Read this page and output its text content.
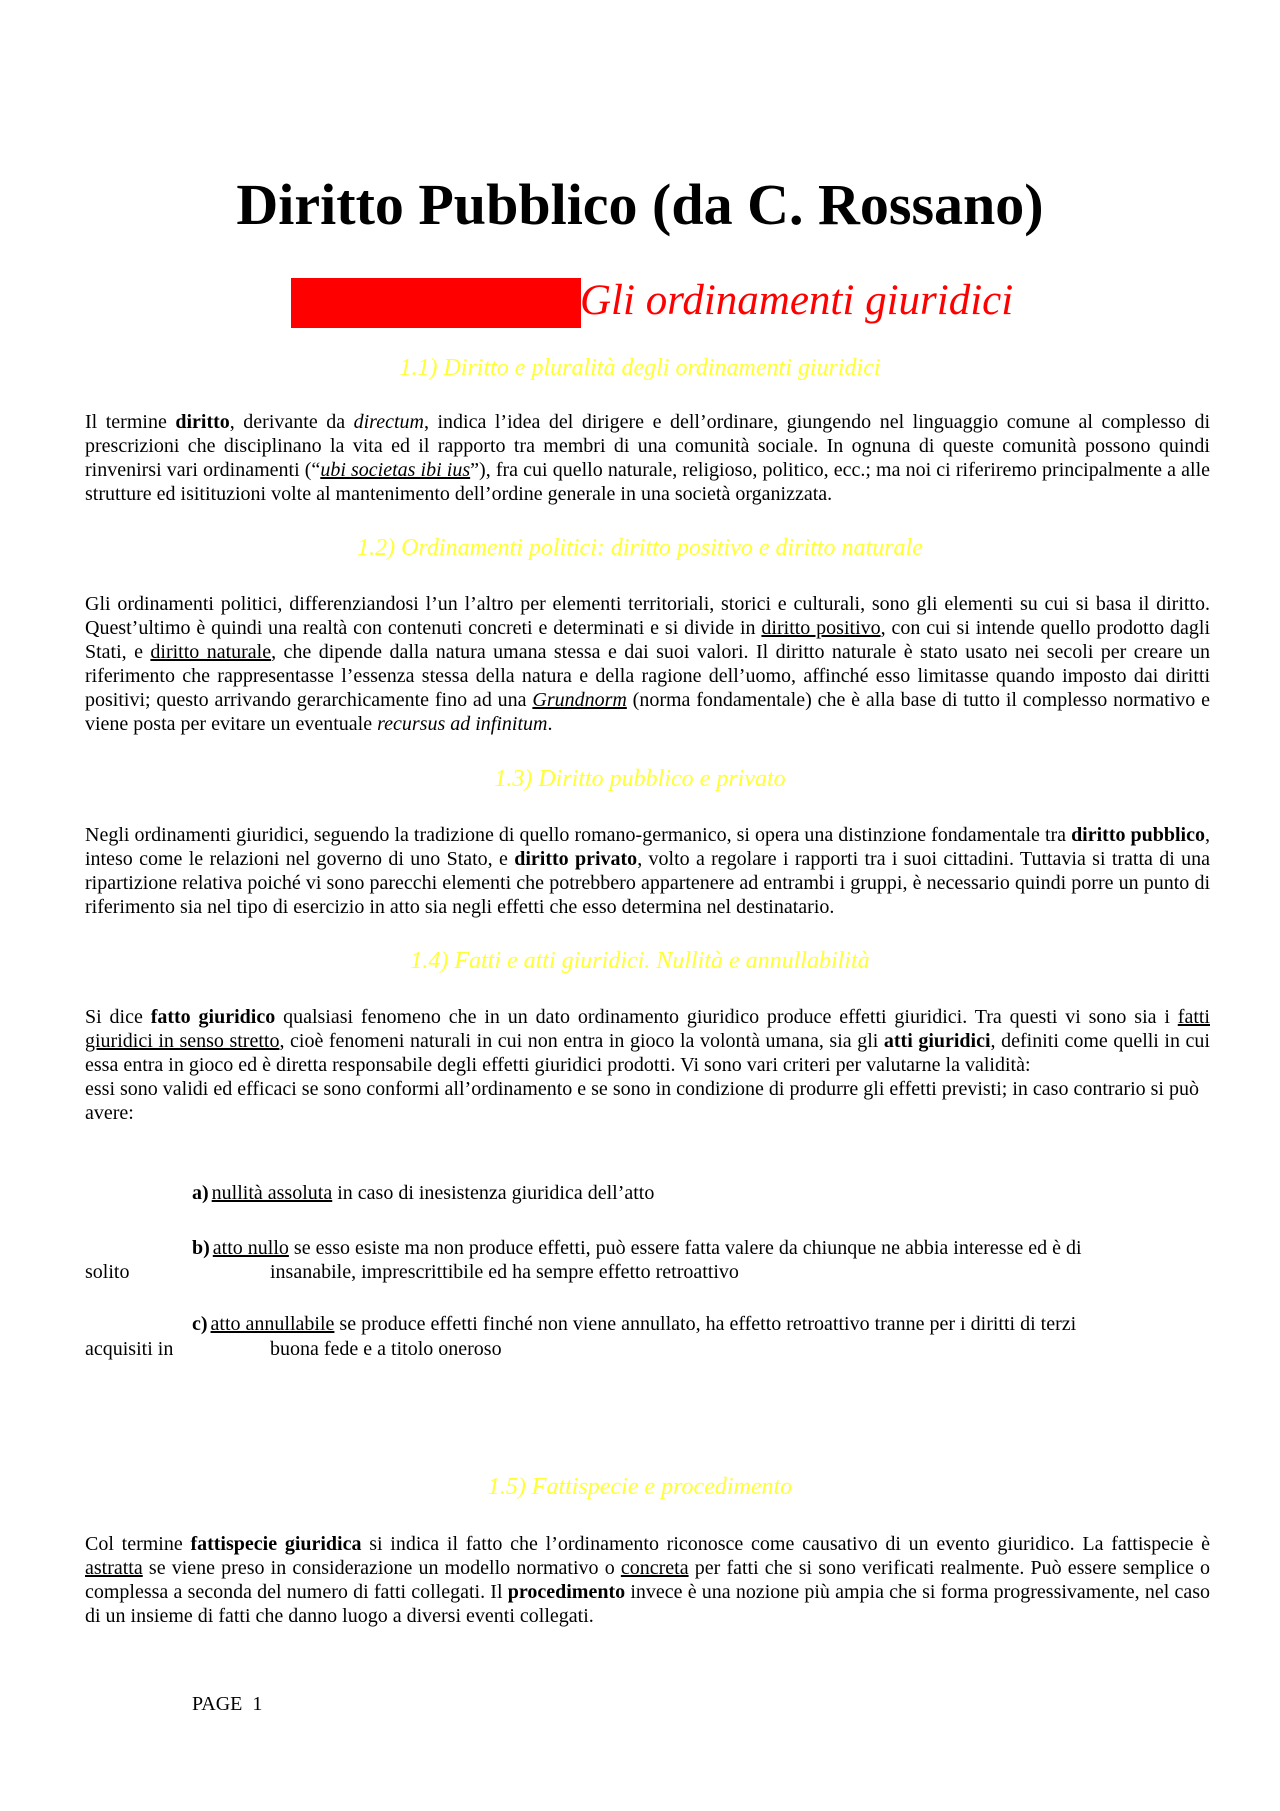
Diritto Pubblico (da C. Rossano)
Gli ordinamenti giuridici
1.1) Diritto e pluralità degli ordinamenti giuridici
Il termine diritto, derivante da directum, indica l’idea del dirigere e dell’ordinare, giungendo nel linguaggio comune al complesso di prescrizioni che disciplinano la vita ed il rapporto tra membri di una comunità sociale. In ognuna di queste comunità possono quindi rinvenirsi vari ordinamenti (“ubi societas ibi ius”), fra cui quello naturale, religioso, politico, ecc.; ma noi ci riferiremo principalmente a alle strutture ed isitituzioni volte al mantenimento dell’ordine generale in una società organizzata.
1.2) Ordinamenti politici: diritto positivo e diritto naturale
Gli ordinamenti politici, differenziandosi l’un l’altro per elementi territoriali, storici e culturali, sono gli elementi su cui si basa il diritto. Quest’ultimo è quindi una realtà con contenuti concreti e determinati e si divide in diritto positivo, con cui si intende quello prodotto dagli Stati, e diritto naturale, che dipende dalla natura umana stessa e dai suoi valori. Il diritto naturale è stato usato nei secoli per creare un riferimento che rappresentasse l’essenza stessa della natura e della ragione dell’uomo, affinché esso limitasse quando imposto dai diritti positivi; questo arrivando gerarchicamente fino ad una Grundnorm (norma fondamentale) che è alla base di tutto il complesso normativo e viene posta per evitare un eventuale recursus ad infinitum.
1.3) Diritto pubblico e privato
Negli ordinamenti giuridici, seguendo la tradizione di quello romano-germanico, si opera una distinzione fondamentale tra diritto pubblico, inteso come le relazioni nel governo di uno Stato, e diritto privato, volto a regolare i rapporti tra i suoi cittadini. Tuttavia si tratta di una ripartizione relativa poiché vi sono parecchi elementi che potrebbero appartenere ad entrambi i gruppi, è necessario quindi porre un punto di riferimento sia nel tipo di esercizio in atto sia negli effetti che esso determina nel destinatario.
1.4) Fatti e atti giuridici. Nullità e annullabilità

Si dice fatto giuridico qualsiasi fenomeno che in un dato ordinamento giuridico produce effetti giuridici. Tra questi vi sono sia i fatti giuridici in senso stretto, cioè fenomeni naturali in cui non entra in gioco la volontà umana, sia gli atti giuridici, definiti come quelli in cui essa entra in gioco ed è diretta responsabile degli effetti giuridici prodotti. Vi sono vari criteri per valutarne la validità:

essi sono validi ed efficaci se sono conformi all’ordinamento e se sono in condizione di produrre gli effetti previsti; in caso contrario si può avere:

a) nullità assoluta in caso di inesistenza giuridica dell’atto
b) atto nullo se esso esiste ma non produce effetti, può essere fatta valere da chiunque ne abbia interesse ed è di
solito	insanabile, imprescrittibile ed ha sempre effetto retroattivo
c) atto annullabile se produce effetti finché non viene annullato, ha effetto retroattivo tranne per i diritti di terzi
acquisiti in	buona fede e a titolo oneroso
1.5) Fattispecie e procedimento
Col termine fattispecie giuridica si indica il fatto che l’ordinamento riconosce come causativo di un evento giuridico. La fattispecie è astratta se viene preso in considerazione un modello normativo o concreta per fatti che si sono verificati realmente. Può essere semplice o complessa a seconda del numero di fatti collegati. Il procedimento invece è una nozione più ampia che si forma progressivamente, nel caso di un insieme di fatti che danno luogo a diversi eventi collegati.
PAGE 1
